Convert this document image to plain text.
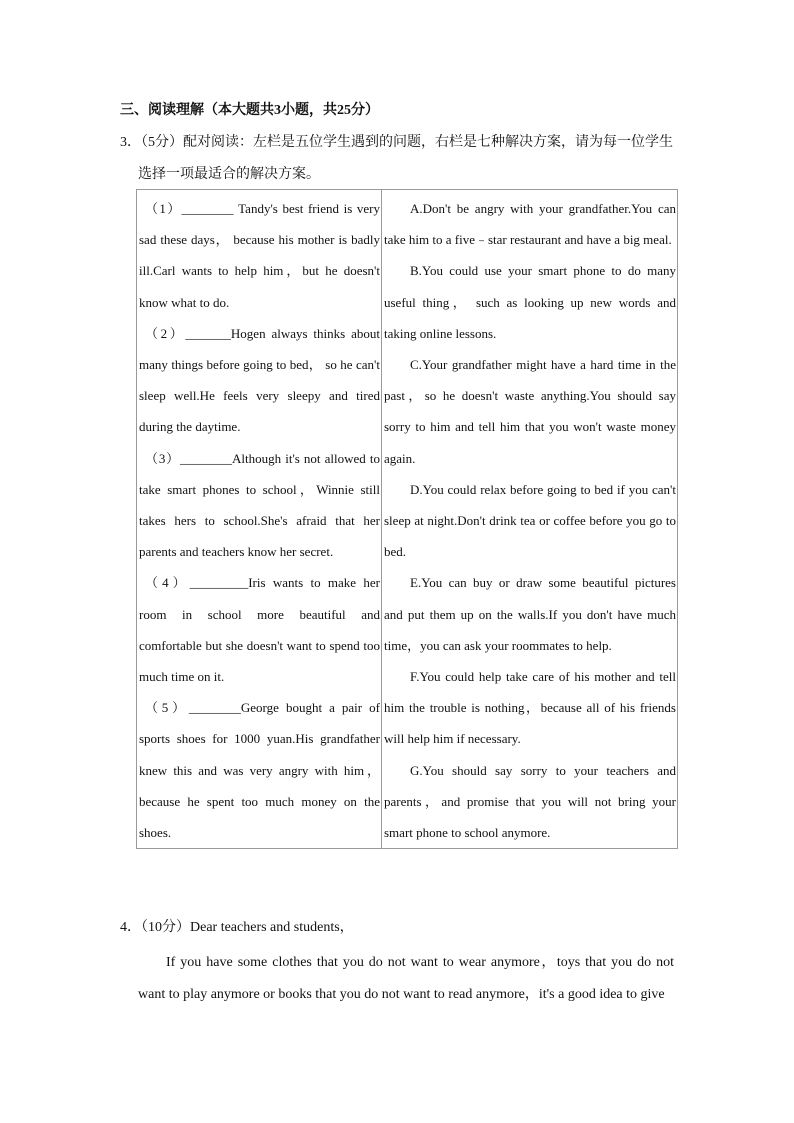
三、阅读理解（本大题共3小题，共25分）
3．（5分）配对阅读：左栏是五位学生遇到的问题，右栏是七种解决方案，请为每一位学生
选择一项最适合的解决方案。

（1）________ Tandy's best friend is very sad these days， because his mother is badly ill.Carl wants to help him，but he doesn't know what to do.

（2）_______Hogen always thinks about many things before going to bed， so he can't sleep well.He feels very sleepy and tired during the daytime.

（3）________Although it's not allowed to take smart phones to school，Winnie still takes hers to school.She's afraid that her parents and teachers know her secret.

（4）_________Iris wants to make her room in school more beautiful and comfortable but she doesn't want to spend too much time on it.

（5）________George bought a pair of sports shoes for 1000 yuan.His grandfather knew this and was very angry with him， because he spent too much money on the shoes.

A.Don't be angry with your grandfather.You can take him to a five﹣star restaurant and have a big meal.

B.You could use your smart phone to do many useful thing， such as looking up new words and taking online lessons.

C.Your grandfather might have a hard time in the past，so he doesn't waste anything.You should say sorry to him and tell him that you won't waste money again.

D.You could relax before going to bed if you can't sleep at night.Don't drink tea or coffee before you go to bed.

E.You can buy or draw some beautiful pictures and put them up on the walls.If you don't have much time，you can ask your roommates to help.

F.You could help take care of his mother and tell him the trouble is nothing，because all of his friends will help him if necessary.

G.You should say sorry to your teachers and parents，and promise that you will not bring your smart phone to school anymore.

4．（10分）Dear teachers and students，

If you have some clothes that you do not want to wear anymore，toys that you do not want to play anymore or books that you do not want to read anymore，it's a good idea to give
